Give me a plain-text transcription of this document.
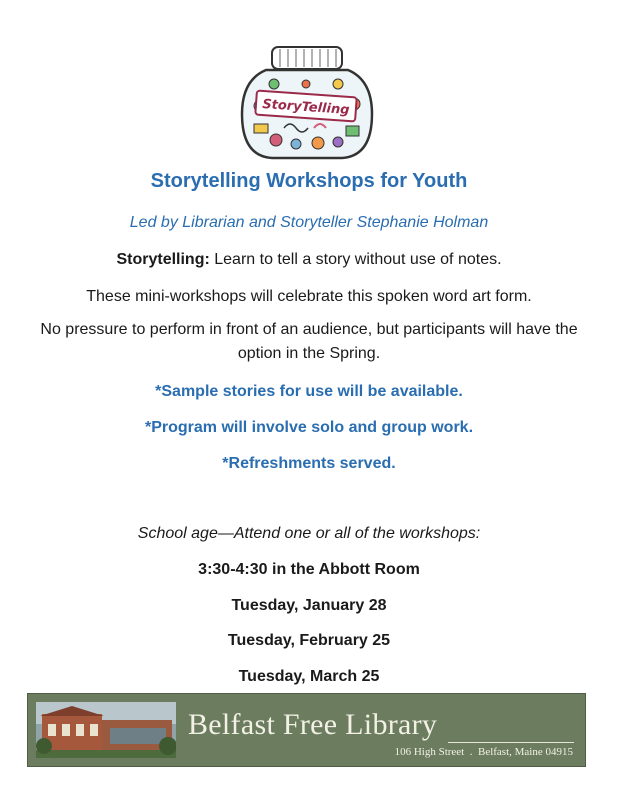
StoryTelling
Storytelling Workshops for Youth
Led by Librarian and Storyteller Stephanie Holman
Storytelling: Learn to tell a story without use of notes.
These mini-workshops will celebrate this spoken word art form.
No pressure to perform in front of an audience, but participants will have the option in the Spring.
*Sample stories for use will be available.
*Program will involve solo and group work.
*Refreshments served.
School age—Attend one or all of the workshops:
3:30-4:30 in the Abbott Room
Tuesday, January 28
Tuesday, February 25
Tuesday, March 25
Belfast Free Library
106 High Street  .  Belfast, Maine 04915
